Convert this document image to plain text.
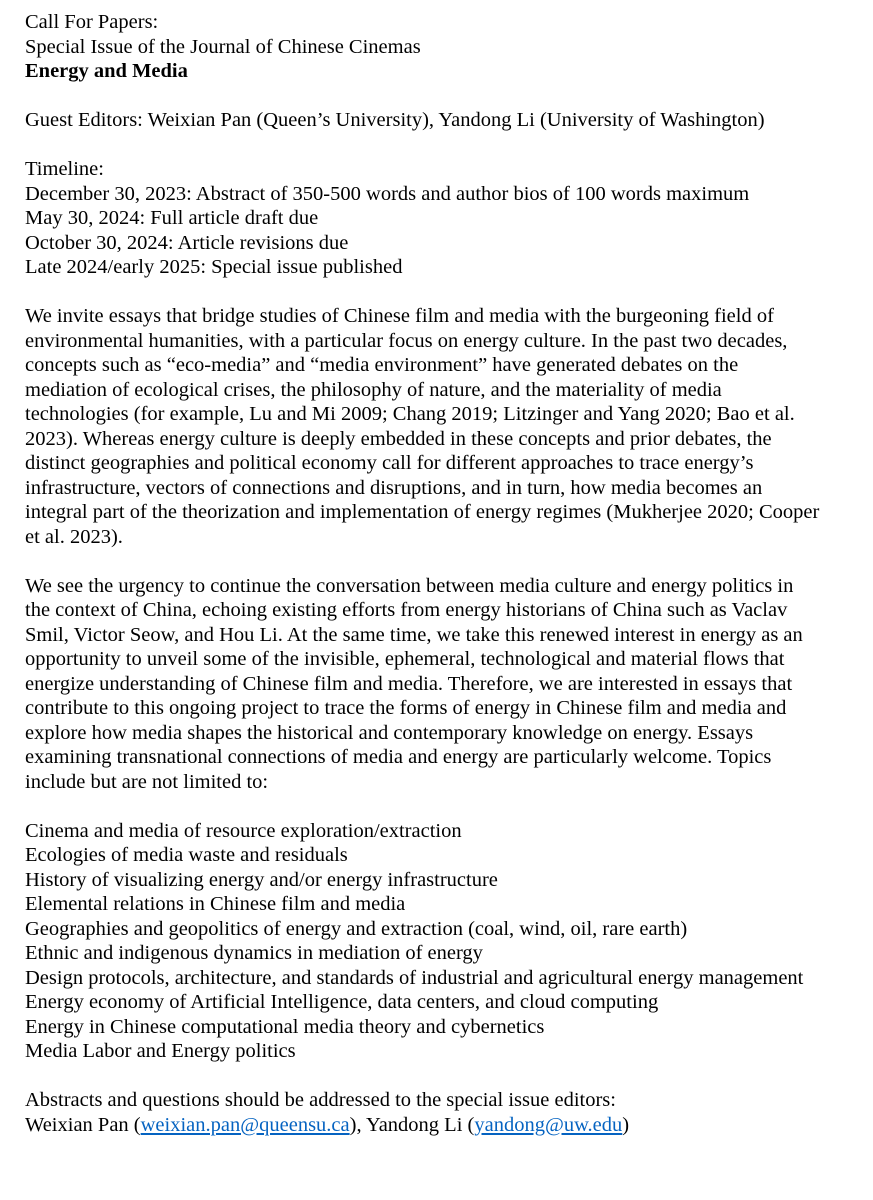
Call For Papers:
Special Issue of the Journal of Chinese Cinemas
Energy and Media
Guest Editors: Weixian Pan (Queen’s University), Yandong Li (University of Washington)
Timeline:
December 30, 2023: Abstract of 350-500 words and author bios of 100 words maximum
May 30, 2024: Full article draft due
October 30, 2024: Article revisions due
Late 2024/early 2025: Special issue published
We invite essays that bridge studies of Chinese film and media with the burgeoning field of
environmental humanities, with a particular focus on energy culture. In the past two decades,
concepts such as “eco-media” and “media environment” have generated debates on the
mediation of ecological crises, the philosophy of nature, and the materiality of media
technologies (for example, Lu and Mi 2009; Chang 2019; Litzinger and Yang 2020; Bao et al.
2023). Whereas energy culture is deeply embedded in these concepts and prior debates, the
distinct geographies and political economy call for different approaches to trace energy’s
infrastructure, vectors of connections and disruptions, and in turn, how media becomes an
integral part of the theorization and implementation of energy regimes (Mukherjee 2020; Cooper
et al. 2023).
We see the urgency to continue the conversation between media culture and energy politics in
the context of China, echoing existing efforts from energy historians of China such as Vaclav
Smil, Victor Seow, and Hou Li. At the same time, we take this renewed interest in energy as an
opportunity to unveil some of the invisible, ephemeral, technological and material flows that
energize understanding of Chinese film and media. Therefore, we are interested in essays that
contribute to this ongoing project to trace the forms of energy in Chinese film and media and
explore how media shapes the historical and contemporary knowledge on energy. Essays
examining transnational connections of media and energy are particularly welcome. Topics
include but are not limited to:
Cinema and media of resource exploration/extraction
Ecologies of media waste and residuals
History of visualizing energy and/or energy infrastructure
Elemental relations in Chinese film and media
Geographies and geopolitics of energy and extraction (coal, wind, oil, rare earth)
Ethnic and indigenous dynamics in mediation of energy
Design protocols, architecture, and standards of industrial and agricultural energy management
Energy economy of Artificial Intelligence, data centers, and cloud computing
Energy in Chinese computational media theory and cybernetics
Media Labor and Energy politics
Abstracts and questions should be addressed to the special issue editors:
Weixian Pan (weixian.pan@queensu.ca), Yandong Li (yandong@uw.edu)
